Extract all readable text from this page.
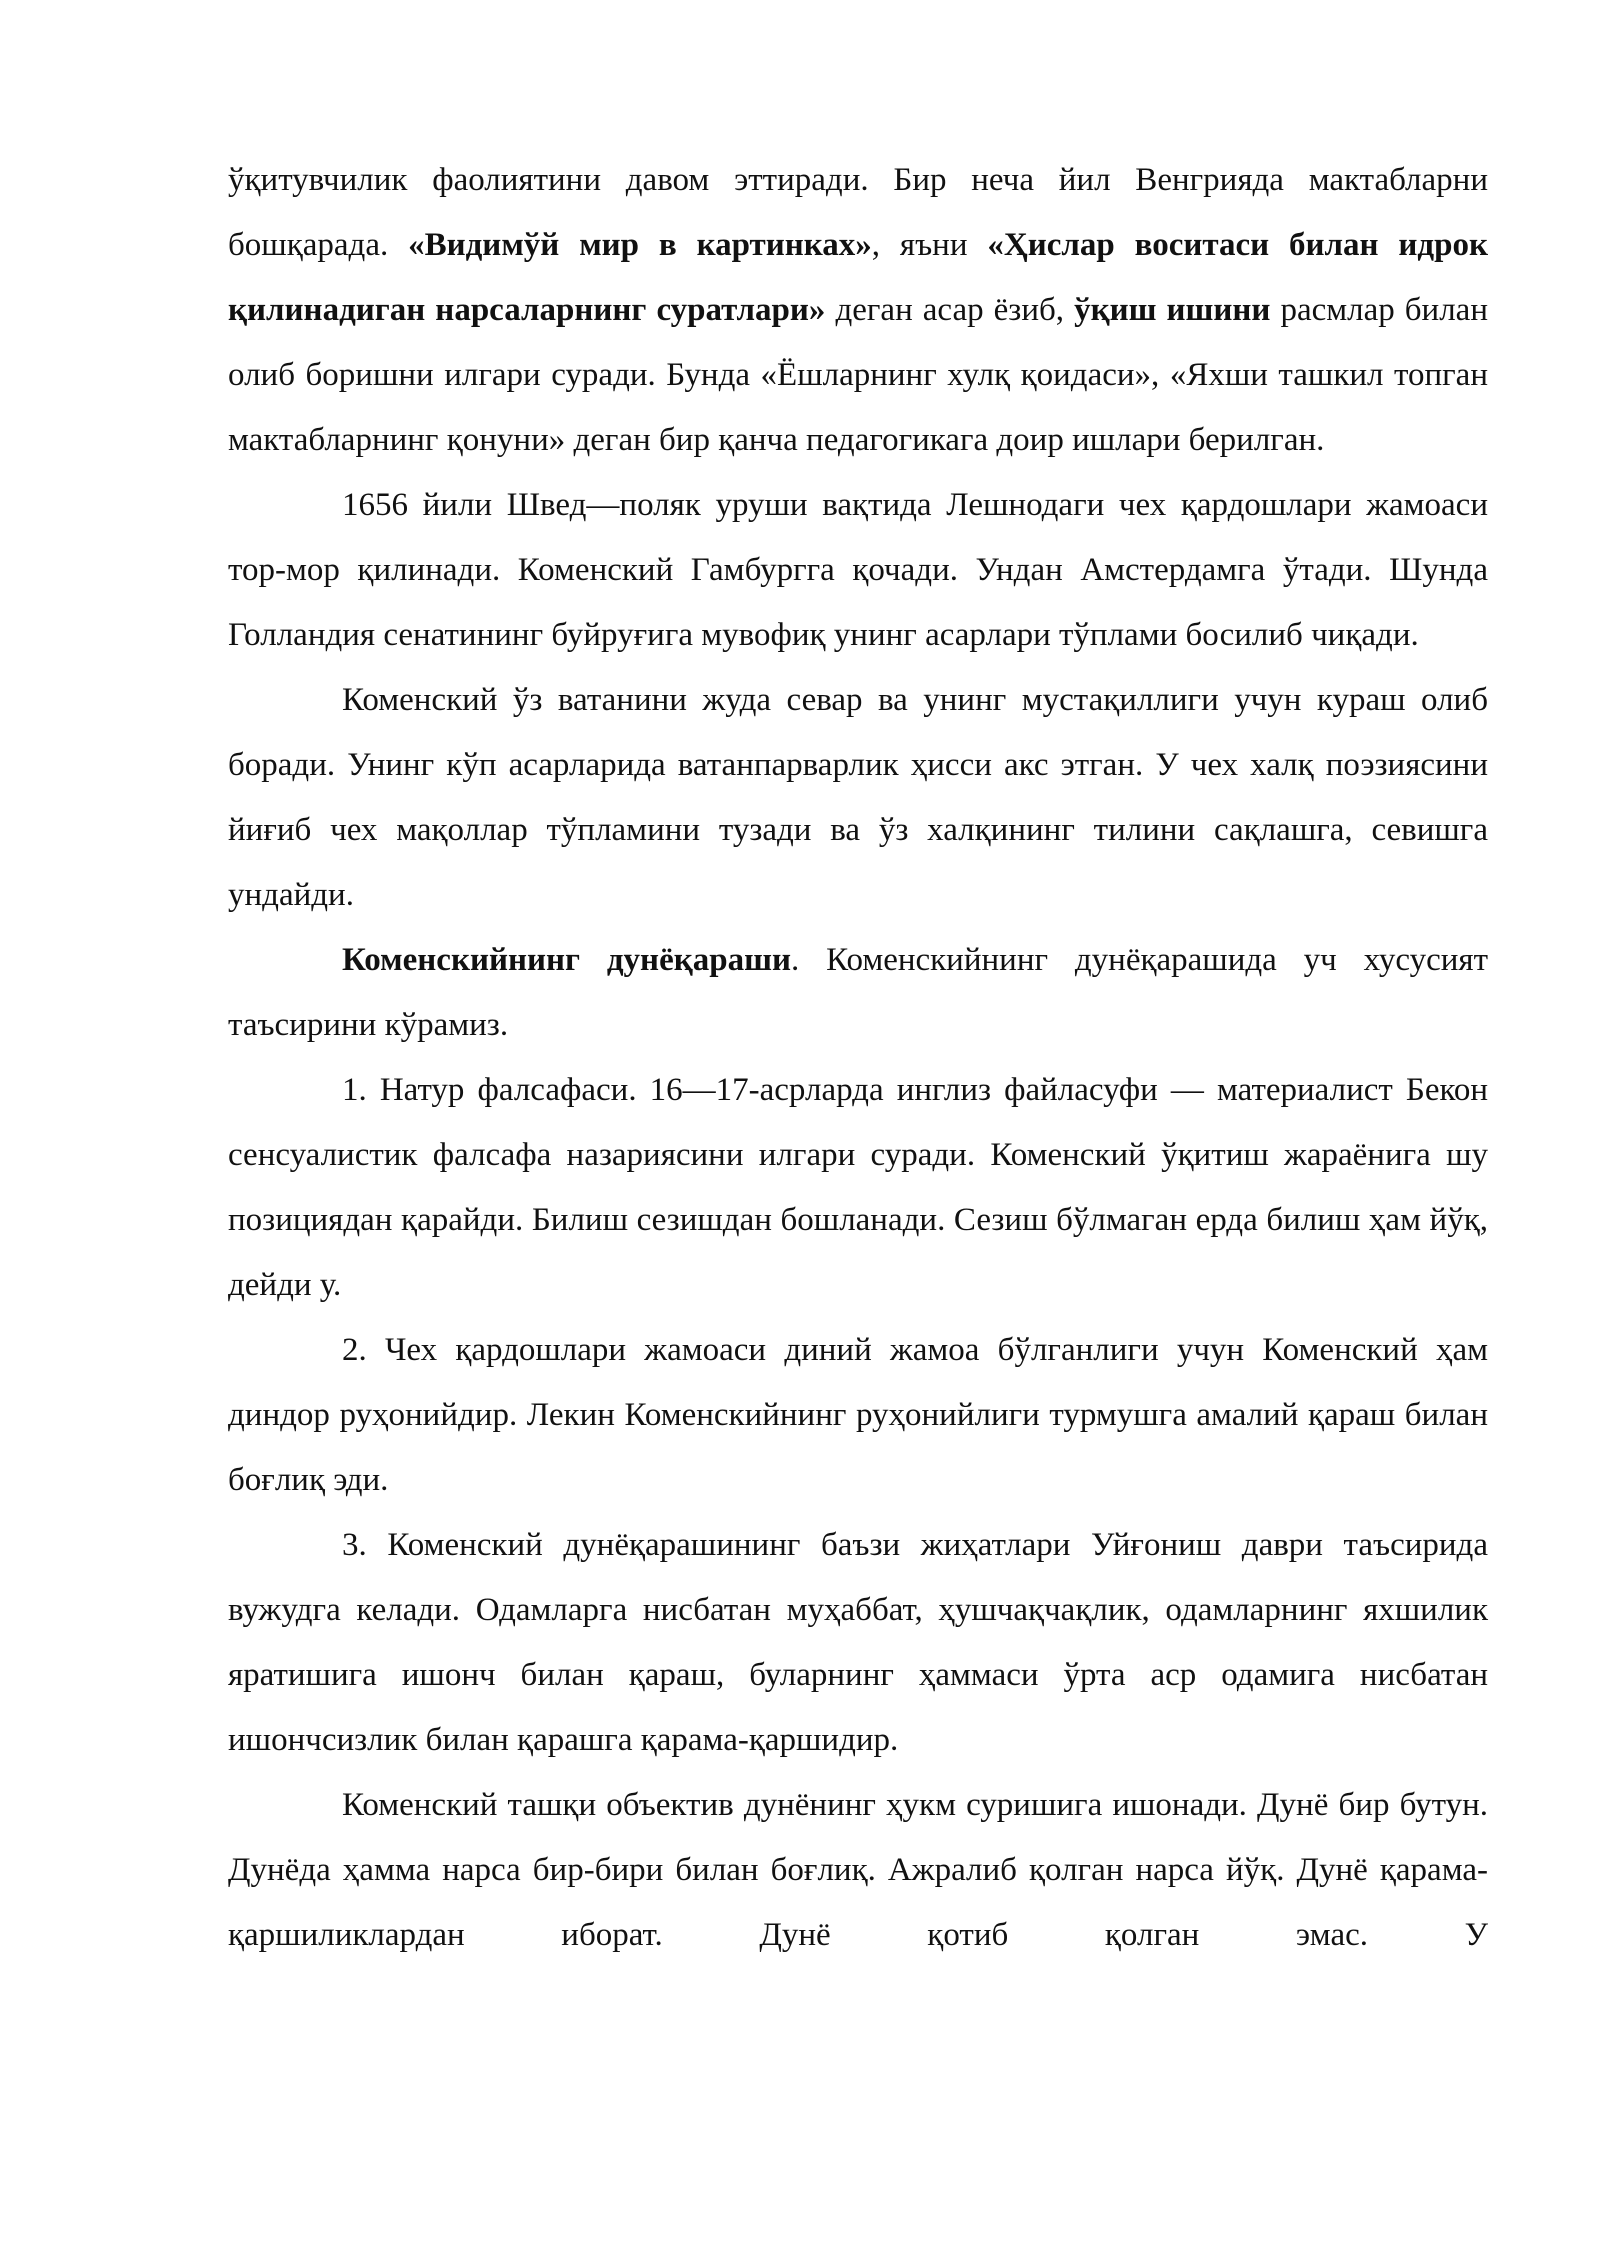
ўқитувчилик фаолиятини давом эттиради. Бир неча йил Венгрияда мактабларни бошқарада. «Видимўй мир в картинках», яъни «Ҳислар воситаси билан идрок қилинадиган нарсаларнинг суратлари» деган асар ёзиб, ўқиш ишини расмлар билан олиб боришни илгари суради. Бунда «Ёшларнинг хулқ қоидаси», «Яхши ташкил топган мактабларнинг қонуни» деган бир қанча педагогикага доир ишлари берилган.

1656 йили Швед—поляк уруши вақтида Лешнодаги чех қардошлари жамоаси тор-мор қилинади. Коменский Гамбургга қочади. Ундан Амстердамга ўтади. Шунда Голландия сенатининг буйруғига мувофиқ унинг асарлари тўплами босилиб чиқади.

Коменский ўз ватанини жуда севар ва унинг мустақиллиги учун кураш олиб боради. Унинг кўп асарларида ватанпарварлик ҳисси акс этган. У чех халқ поэзиясини йиғиб чех мақоллар тўпламини тузади ва ўз халқининг тилини сақлашга, севишга ундайди.

Коменскийнинг дунёқараши. Коменскийнинг дунёқарашида уч хусусият таъсирини кўрамиз.

1. Натур фалсафаси. 16—17-асрларда инглиз файласуфи — материалист Бекон сенсуалистик фалсафа назариясини илгари суради. Коменский ўқитиш жараёнига шу позициядан қарайди. Билиш сезишдан бошланади. Сезиш бўлмаган ерда билиш ҳам йўқ, дейди у.

2. Чех қардошлари жамоаси диний жамоа бўлганлиги учун Коменский ҳам диндор руҳонийдир. Лекин Коменскийнинг руҳонийлиги турмушга амалий қараш билан боғлиқ эди.

3. Коменский дунёқарашининг баъзи жиҳатлари Уйғониш даври таъсирида вужудга келади. Одамларга нисбатан муҳаббат, ҳушчақчақлик, одамларнинг яхшилик яратишига ишонч билан қараш, буларнинг ҳаммаси ўрта аср одамига нисбатан ишончсизлик билан қарашга қарама-қаршидир.

Коменский ташқи объектив дунёнинг ҳукм суришига ишонади. Дунё бир бутун. Дунёда ҳамма нарса бир-бири билан боғлиқ. Ажралиб қолган нарса йўқ. Дунё қарама-қаршиликлардан иборат. Дунё қотиб қолган эмас. У
